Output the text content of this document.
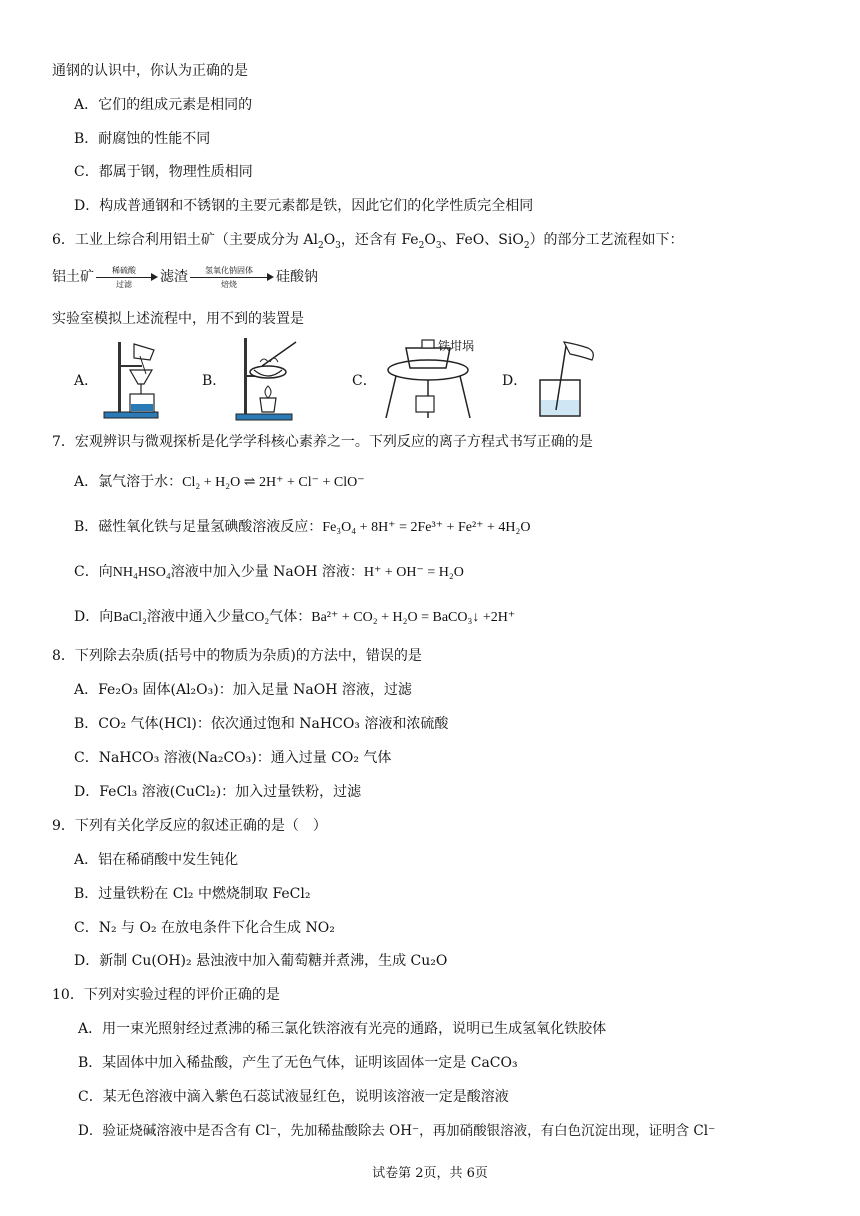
通钢的认识中，你认为正确的是
A．它们的组成元素是相同的
B．耐腐蚀的性能不同
C．都属于钢，物理性质相同
D．构成普通钢和不锈钢的主要元素都是铁，因此它们的化学性质完全相同
6．工业上综合利用铝土矿（主要成分为 $Al_2O_3$，还含有 $Fe_2O_3$、FeO、SiO$_2$）的部分工艺流程如下：
铝土矿	稀硫酸
过滤	滤渣	氢氧化钠固体
焙烧	硅酸钠
实验室模拟上述流程中，用不到的装置是
A．	B．	C．
铁坩埚
D．
7．宏观辨识与微观探析是化学学科核心素养之一。下列反应的离子方程式书写正确的是
A．氯气溶于水：Cl₂ + H₂O ⇌ 2H⁺ + Cl⁻ + ClO⁻
B．磁性氧化铁与足量氢碘酸溶液反应：Fe₃O₄ + 8H⁺ = 2Fe³⁺ + Fe²⁺ + 4H₂O
C．向NH₄HSO₄溶液中加入少量 NaOH 溶液：H⁺ + OH⁻ = H₂O
D．向BaCl₂溶液中通入少量CO₂气体：Ba²⁺ + CO₂ + H₂O = BaCO₃↓ +2H⁺
8．下列除去杂质(括号中的物质为杂质)的方法中，错误的是
A．Fe₂O₃ 固体(Al₂O₃)：加入足量 NaOH 溶液，过滤
B．CO₂ 气体(HCl)：依次通过饱和 NaHCO₃ 溶液和浓硫酸
C．NaHCO₃ 溶液(Na₂CO₃)：通入过量 CO₂ 气体
D．FeCl₃ 溶液(CuCl₂)：加入过量铁粉，过滤
9．下列有关化学反应的叙述正确的是（　）
A．铝在稀硝酸中发生钝化
B．过量铁粉在 Cl₂ 中燃烧制取 FeCl₂
C．N₂ 与 O₂ 在放电条件下化合生成 NO₂
D．新制 Cu(OH)₂ 悬浊液中加入葡萄糖并煮沸，生成 Cu₂O
10．下列对实验过程的评价正确的是
A．用一束光照射经过煮沸的稀三氯化铁溶液有光亮的通路，说明已生成氢氧化铁胶体
B．某固体中加入稀盐酸，产生了无色气体，证明该固体一定是 CaCO₃
C．某无色溶液中滴入紫色石蕊试液显红色，说明该溶液一定是酸溶液
D．验证烧碱溶液中是否含有 Cl⁻，先加稀盐酸除去 OH⁻，再加硝酸银溶液，有白色沉淀出现，证明含 Cl⁻
试卷第 2页，共 6页
